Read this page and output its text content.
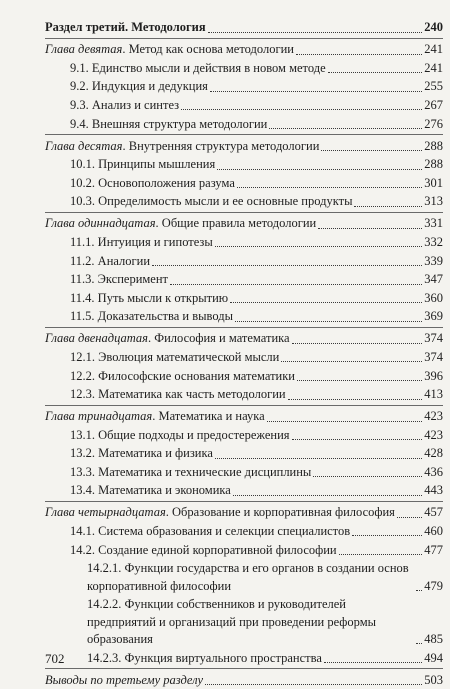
Раздел третий. Методология	240
Глава девятая. Метод как основа методологии	241
9.1. Единство мысли и действия в новом методе	241
9.2. Индукция и дедукция	255
9.3. Анализ и синтез	267
9.4. Внешняя структура методологии	276
Глава десятая. Внутренняя структура методологии	288
10.1. Принципы мышления	288
10.2. Основоположения разума	301
10.3. Определимость мысли и ее основные продукты	313
Глава одиннадцатая. Общие правила методологии	331
11.1. Интуиция и гипотезы	332
11.2. Аналогии	339
11.3. Эксперимент	347
11.4. Путь мысли к открытию	360
11.5. Доказательства и выводы	369
Глава двенадцатая. Философия и математика	374
12.1. Эволюция математической мысли	374
12.2. Философские основания математики	396
12.3. Математика как часть методологии	413
Глава тринадцатая. Математика и наука	423
13.1. Общие подходы и предостережения	423
13.2. Математика и физика	428
13.3. Математика и технические дисциплины	436
13.4. Математика и экономика	443
Глава четырнадцатая. Образование и корпоративная философия 457
14.1. Система образования и селекции специалистов	460
14.2. Создание единой корпоративной философии	477
14.2.1. Функции государства и его органов в создании основ корпоративной философии	479
14.2.2. Функции собственников и руководителей предприятий и организаций при проведении реформы образования	485
14.2.3. Функция виртуального пространства	494
Выводы по третьему разделу	503
702
